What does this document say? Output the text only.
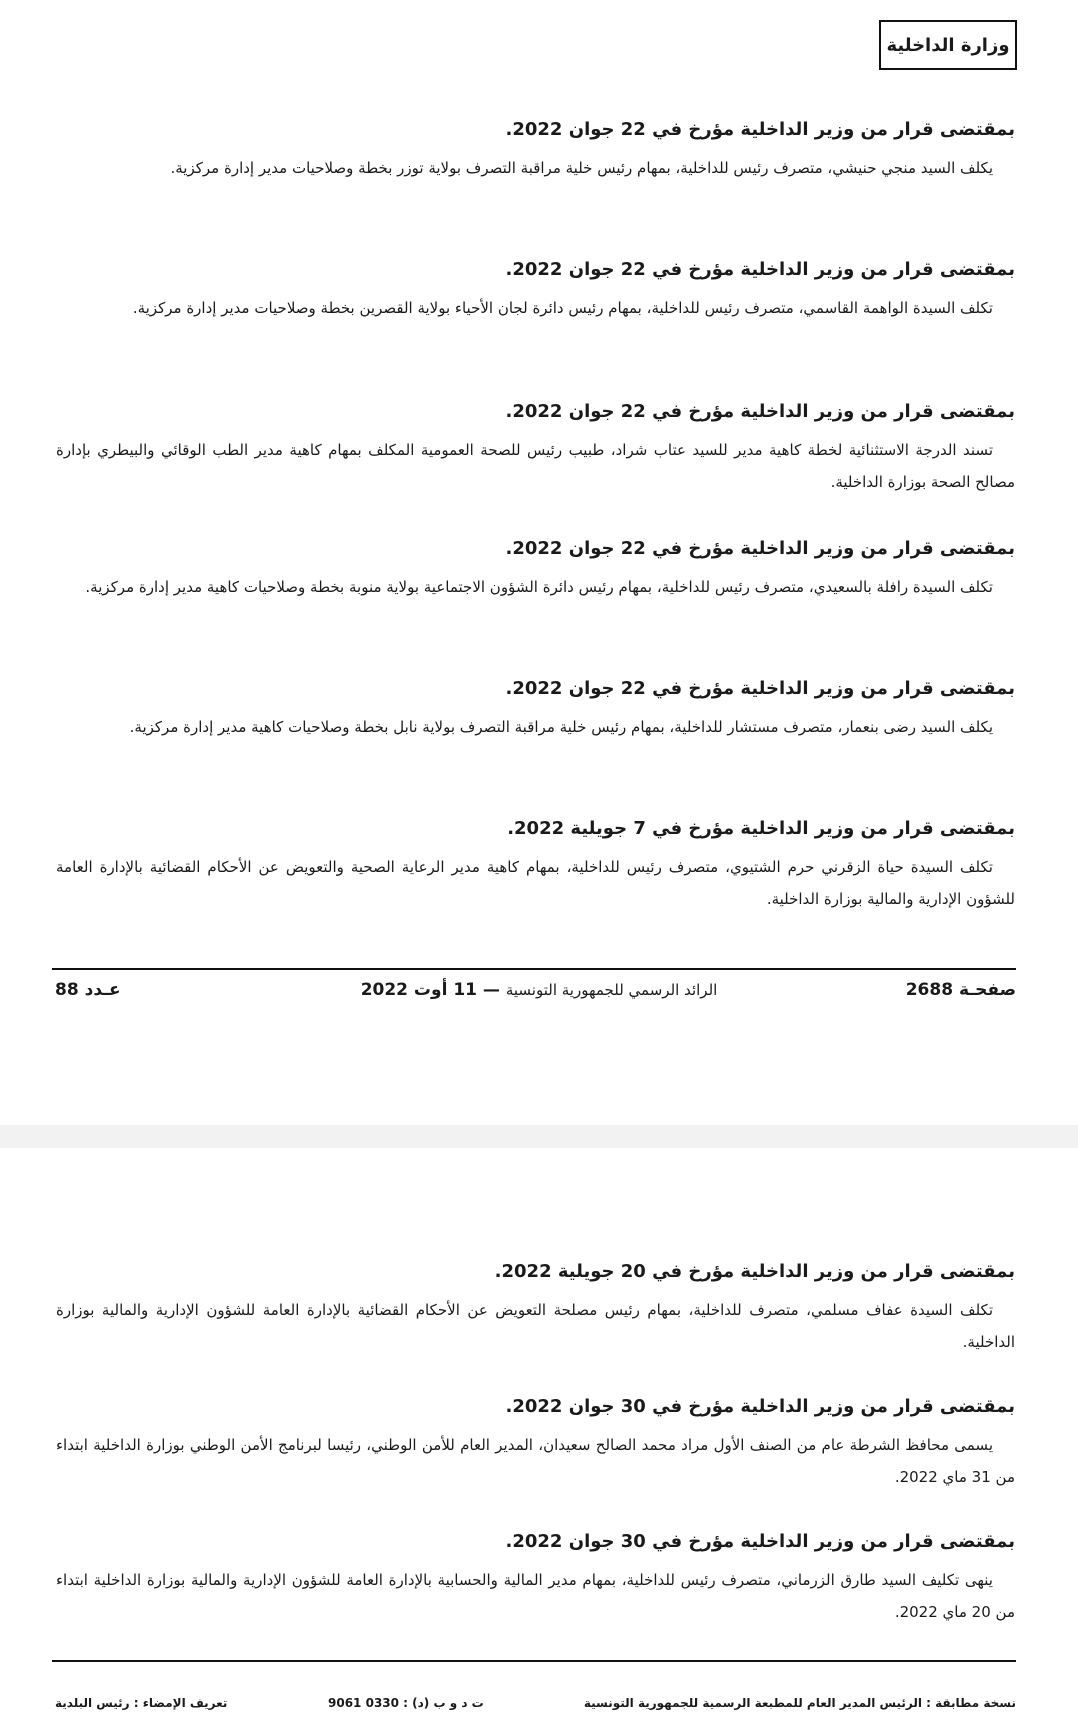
وزارة الداخلية

بمقتضى قرار من وزير الداخلية مؤرخ في 22 جوان 2022.

يكلف السيد منجي حنيشي، متصرف رئيس للداخلية، بمهام رئيس خلية مراقبة التصرف بولاية توزر بخطة وصلاحيات مدير إدارة مركزية.

بمقتضى قرار من وزير الداخلية مؤرخ في 22 جوان 2022.

تكلف السيدة الواهمة القاسمي، متصرف رئيس للداخلية، بمهام رئيس دائرة لجان الأحياء بولاية القصرين بخطة وصلاحيات مدير إدارة مركزية.

بمقتضى قرار من وزير الداخلية مؤرخ في 22 جوان 2022.

تسند الدرجة الاستثنائية لخطة كاهية مدير للسيد عتاب شراد، طبيب رئيس للصحة العمومية المكلف بمهام كاهية مدير الطب الوقائي والبيطري بإدارة مصالح الصحة بوزارة الداخلية.

بمقتضى قرار من وزير الداخلية مؤرخ في 22 جوان 2022.

تكلف السيدة رافلة بالسعيدي، متصرف رئيس للداخلية، بمهام رئيس دائرة الشؤون الاجتماعية بولاية منوبة بخطة وصلاحيات كاهية مدير إدارة مركزية.

بمقتضى قرار من وزير الداخلية مؤرخ في 22 جوان 2022.

يكلف السيد رضى بنعمار، متصرف مستشار للداخلية، بمهام رئيس خلية مراقبة التصرف بولاية نابل بخطة وصلاحيات كاهية مدير إدارة مركزية.

بمقتضى قرار من وزير الداخلية مؤرخ في 7 جويلية 2022.

تكلف السيدة حياة الزقرني حرم الشتيوي، متصرف رئيس للداخلية، بمهام كاهية مدير الرعاية الصحية والتعويض عن الأحكام القضائية بالإدارة العامة للشؤون الإدارية والمالية بوزارة الداخلية.

صفحـة 2688
الرائد الرسمي للجمهورية التونسية — 11 أوت 2022
عـدد 88

بمقتضى قرار من وزير الداخلية مؤرخ في 20 جويلية 2022.

تكلف السيدة عفاف مسلمي، متصرف للداخلية، بمهام رئيس مصلحة التعويض عن الأحكام القضائية بالإدارة العامة للشؤون الإدارية والمالية بوزارة الداخلية.

بمقتضى قرار من وزير الداخلية مؤرخ في 30 جوان 2022.

يسمى محافظ الشرطة عام من الصنف الأول مراد محمد الصالح سعيدان، المدير العام للأمن الوطني، رئيسا لبرنامج الأمن الوطني بوزارة الداخلية ابتداء من 31 ماي 2022.

بمقتضى قرار من وزير الداخلية مؤرخ في 30 جوان 2022.

ينهى تكليف السيد طارق الزرماني، متصرف رئيس للداخلية، بمهام مدير المالية والحسابية بالإدارة العامة للشؤون الإدارية والمالية بوزارة الداخلية ابتداء من 20 ماي 2022.

نسخة مطابقة : الرئيس المدير العام للمطبعة الرسمية للجمهورية التونسية
ت د و ب (د) : 0330 9061
تعريف الإمضاء : رئيس البلدية
